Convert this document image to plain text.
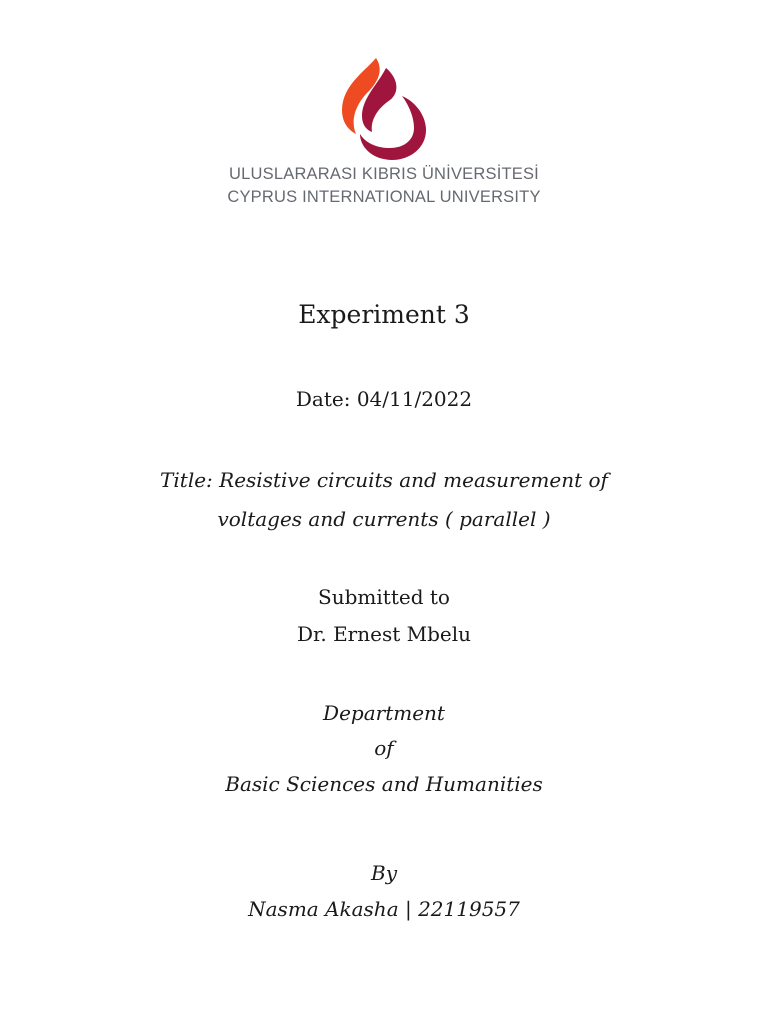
ULUSLARARASI KIBRIS ÜNİVERSİTESİ
CYPRUS INTERNATIONAL UNIVERSITY
Experiment 3
Date: 04/11/2022
Title: Resistive circuits and measurement of
voltages and currents ( parallel )
Submitted to
Dr. Ernest Mbelu
Department
of
Basic Sciences and Humanities
By
Nasma Akasha | 22119557
